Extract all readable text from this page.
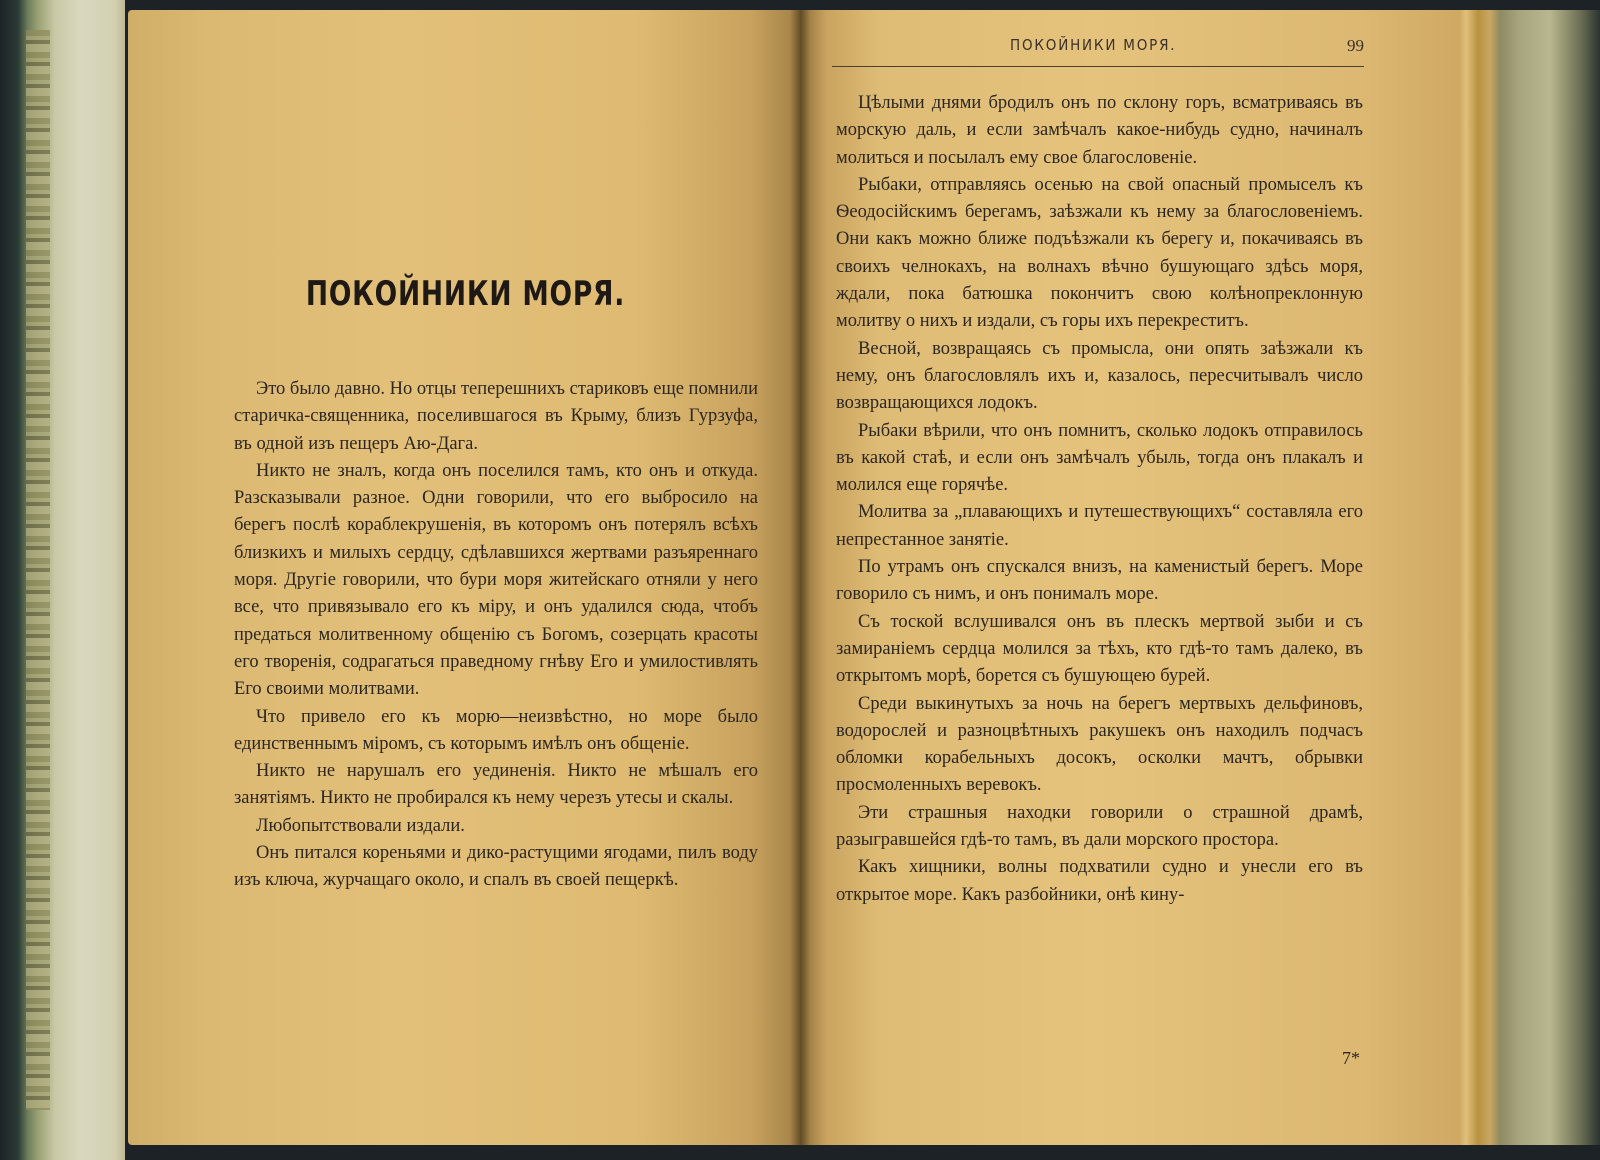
ПОКОЙНИКИ МОРЯ.

Это было давно. Но отцы теперешнихъ стариковъ еще помнили старичка-священника, поселившагося въ Крыму, близъ Гурзуфа, въ одной изъ пещеръ Аю-Дага.

Никто не зналъ, когда онъ поселился тамъ, кто онъ и откуда. Разсказывали разное. Одни говорили, что его выбросило на берегъ послѣ кораблекрушенія, въ которомъ онъ потерялъ всѣхъ близкихъ и милыхъ сердцу, сдѣлавшихся жертвами разъяреннаго моря. Другіе говорили, что бури моря житейскаго отняли у него все, что привязывало его къ міру, и онъ удалился сюда, чтобъ предаться молитвенному общенію съ Богомъ, созерцать красоты его творенія, содрагаться праведному гнѣву Его и умилостивлять Его своими молитвами.

Что привело его къ морю—неизвѣстно, но море было единственнымъ міромъ, съ которымъ имѣлъ онъ общеніе.

Никто не нарушалъ его уединенія. Никто не мѣшалъ его занятіямъ. Никто не пробирался къ нему черезъ утесы и скалы.

Любопытствовали издали.

Онъ питался кореньями и дико-растущими ягодами, пилъ воду изъ ключа, журчащаго около, и спалъ въ своей пещеркѣ.

ПОКОЙНИКИ МОРЯ.	99

Цѣлыми днями бродилъ онъ по склону горъ, всматриваясь въ морскую даль, и если замѣчалъ какое-нибудь судно, начиналъ молиться и посылалъ ему свое благословеніе.

Рыбаки, отправляясь осенью на свой опасный промыселъ къ Ѳеодосійскимъ берегамъ, заѣзжали къ нему за благословеніемъ. Они какъ можно ближе подъѣзжали къ берегу и, покачиваясь въ своихъ челнокахъ, на волнахъ вѣчно бушующаго здѣсь моря, ждали, пока батюшка покончитъ свою колѣнопреклонную молитву о нихъ и издали, съ горы ихъ перекреститъ.

Весной, возвращаясь съ промысла, они опять заѣзжали къ нему, онъ благословлялъ ихъ и, казалось, пересчитывалъ число возвращающихся лодокъ.

Рыбаки вѣрили, что онъ помнитъ, сколько лодокъ отправилось въ какой стаѣ, и если онъ замѣчалъ убыль, тогда онъ плакалъ и молился еще горячѣе.

Молитва за „плавающихъ и путешествующихъ“ составляла его непрестанное занятіе.

По утрамъ онъ спускался внизъ, на каменистый берегъ. Море говорило съ нимъ, и онъ понималъ море.

Съ тоской вслушивался онъ въ плескъ мертвой зыби и съ замираніемъ сердца молился за тѣхъ, кто гдѣ-то тамъ далеко, въ открытомъ морѣ, борется съ бушующею бурей.

Среди выкинутыхъ за ночь на берегъ мертвыхъ дельфиновъ, водорослей и разноцвѣтныхъ ракушекъ онъ находилъ подчасъ обломки корабельныхъ досокъ, осколки мачтъ, обрывки просмоленныхъ веревокъ.

Эти страшныя находки говорили о страшной драмѣ, разыгравшейся гдѣ-то тамъ, въ дали морского простора.

Какъ хищники, волны подхватили судно и унесли его въ открытое море. Какъ разбойники, онѣ кину-

7*
